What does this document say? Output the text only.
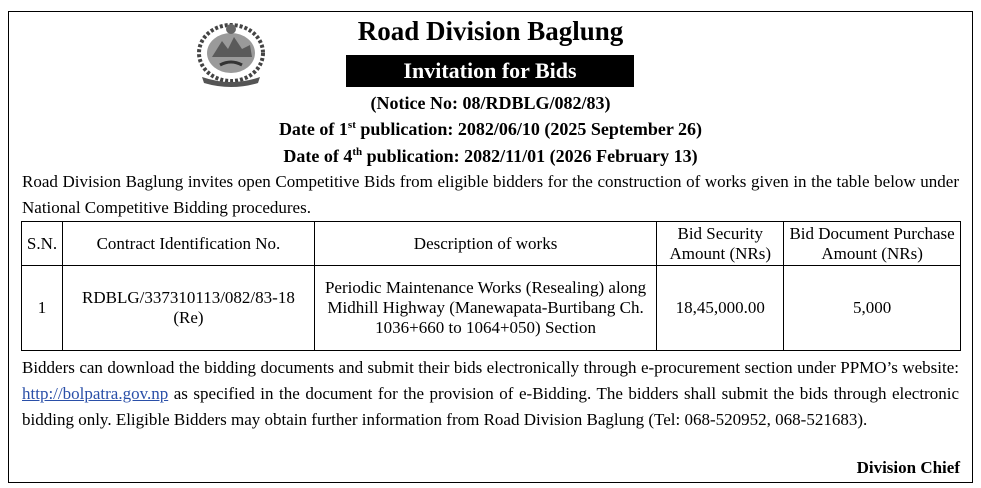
Road Division Baglung
Invitation for Bids
(Notice No: 08/RDBLG/082/83)
Date of 1st publication: 2082/06/10 (2025 September 26)
Date of 4th publication: 2082/11/01 (2026 February 13)
Road Division Baglung invites open Competitive Bids from eligible bidders for the construction of works given in the table below under National Competitive Bidding procedures.
S.N.	Contract Identification No.	Description of works	Bid Security Amount (NRs)	Bid Document Purchase Amount (NRs)
1	RDBLG/337310113/082/83-18 (Re)	Periodic Maintenance Works (Resealing) along Midhill Highway (Manewapata-Burtibang Ch. 1036+660 to 1064+050) Section	18,45,000.00	5,000
Bidders can download the bidding documents and submit their bids electronically through e-procurement section under PPMO’s website: http://bolpatra.gov.np as specified in the document for the provision of e-Bidding. The bidders shall submit the bids through electronic bidding only. Eligible Bidders may obtain further information from Road Division Baglung (Tel: 068-520952, 068-521683).
Division Chief
